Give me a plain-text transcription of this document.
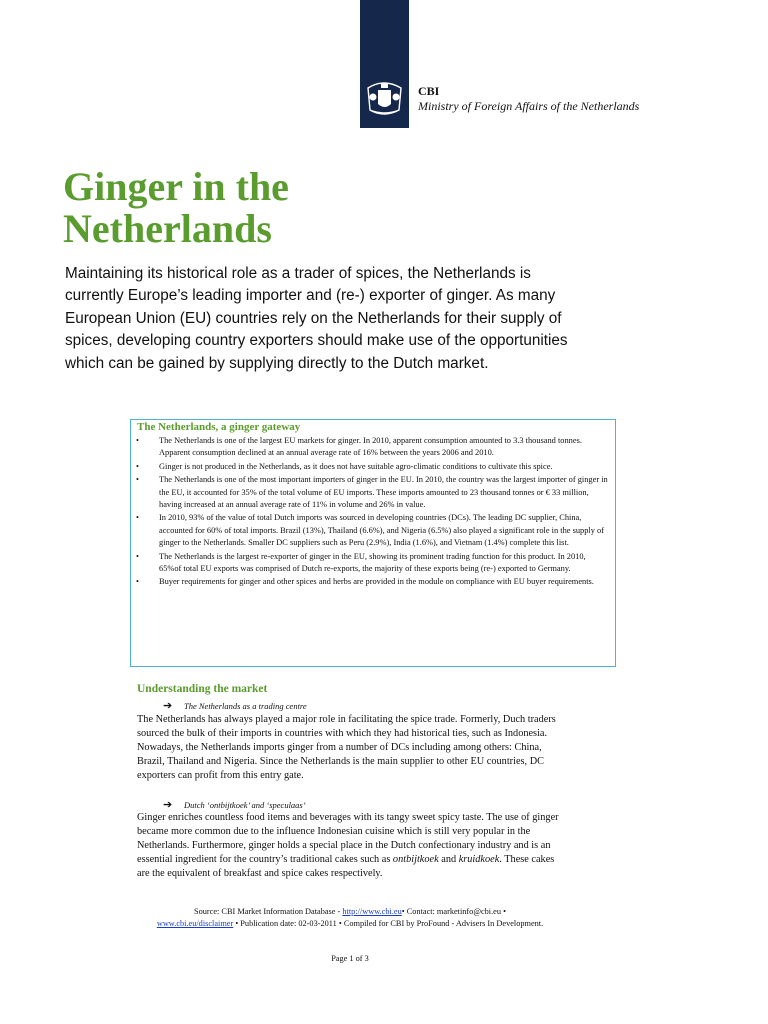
CBI
Ministry of Foreign Affairs of the Netherlands
Ginger in the
Netherlands

Maintaining its historical role as a trader of spices, the Netherlands is currently Europe’s leading importer and (re-) exporter of ginger. As many European Union (EU) countries rely on the Netherlands for their supply of spices, developing country exporters should make use of the opportunities which can be gained by supplying directly to the Dutch market.

The Netherlands, a ginger gateway
• The Netherlands is one of the largest EU markets for ginger. In 2010, apparent consumption amounted to 3.3 thousand tonnes. Apparent consumption declined at an annual average rate of 16% between the years 2006 and 2010.
• Ginger is not produced in the Netherlands, as it does not have suitable agro-climatic conditions to cultivate this spice.
• The Netherlands is one of the most important importers of ginger in the EU. In 2010, the country was the largest importer of ginger in the EU, it accounted for 35% of the total volume of EU imports. These imports amounted to 23 thousand tonnes or € 33 million, having increased at an annual average rate of 11% in volume and 26% in value.
• In 2010, 93% of the value of total Dutch imports was sourced in developing countries (DCs). The leading DC supplier, China, accounted for 60% of total imports. Brazil (13%), Thailand (6.6%), and Nigeria (6.5%) also played a significant role in the supply of ginger to the Netherlands. Smaller DC suppliers such as Peru (2.9%), India (1.6%), and Vietnam (1.4%) complete this list.
• The Netherlands is the largest re-exporter of ginger in the EU, showing its prominent trading function for this product. In 2010, 65%of total EU exports was comprised of Dutch re-exports, the majority of these exports being (re-) exported to Germany.
• Buyer requirements for ginger and other spices and herbs are provided in the module on compliance with EU buyer requirements.
Understanding the market
➔ The Netherlands as a trading centre

The Netherlands has always played a major role in facilitating the spice trade. Formerly, Duch traders sourced the bulk of their imports in countries with which they had historical ties, such as Indonesia. Nowadays, the Netherlands imports ginger from a number of DCs including among others: China, Brazil, Thailand and Nigeria. Since the Netherlands is the main supplier to other EU countries, DC exporters can profit from this entry gate.

➔ Dutch ‘ontbijtkoek’ and ‘speculaas’

Ginger enriches countless food items and beverages with its tangy sweet spicy taste. The use of ginger became more common due to the influence Indonesian cuisine which is still very popular in the Netherlands. Furthermore, ginger holds a special place in the Dutch confectionary industry and is an essential ingredient for the country’s traditional cakes such as ontbijtkoek and kruidkoek. These cakes are the equivalent of breakfast and spice cakes respectively.

Source: CBI Market Information Database - http://www.cbi.eu• Contact: marketinfo@cbi.eu •
www.cbi.eu/disclaimer • Publication date: 02-03-2011 • Compiled for CBI by ProFound - Advisers In Development.
Page 1 of 3
